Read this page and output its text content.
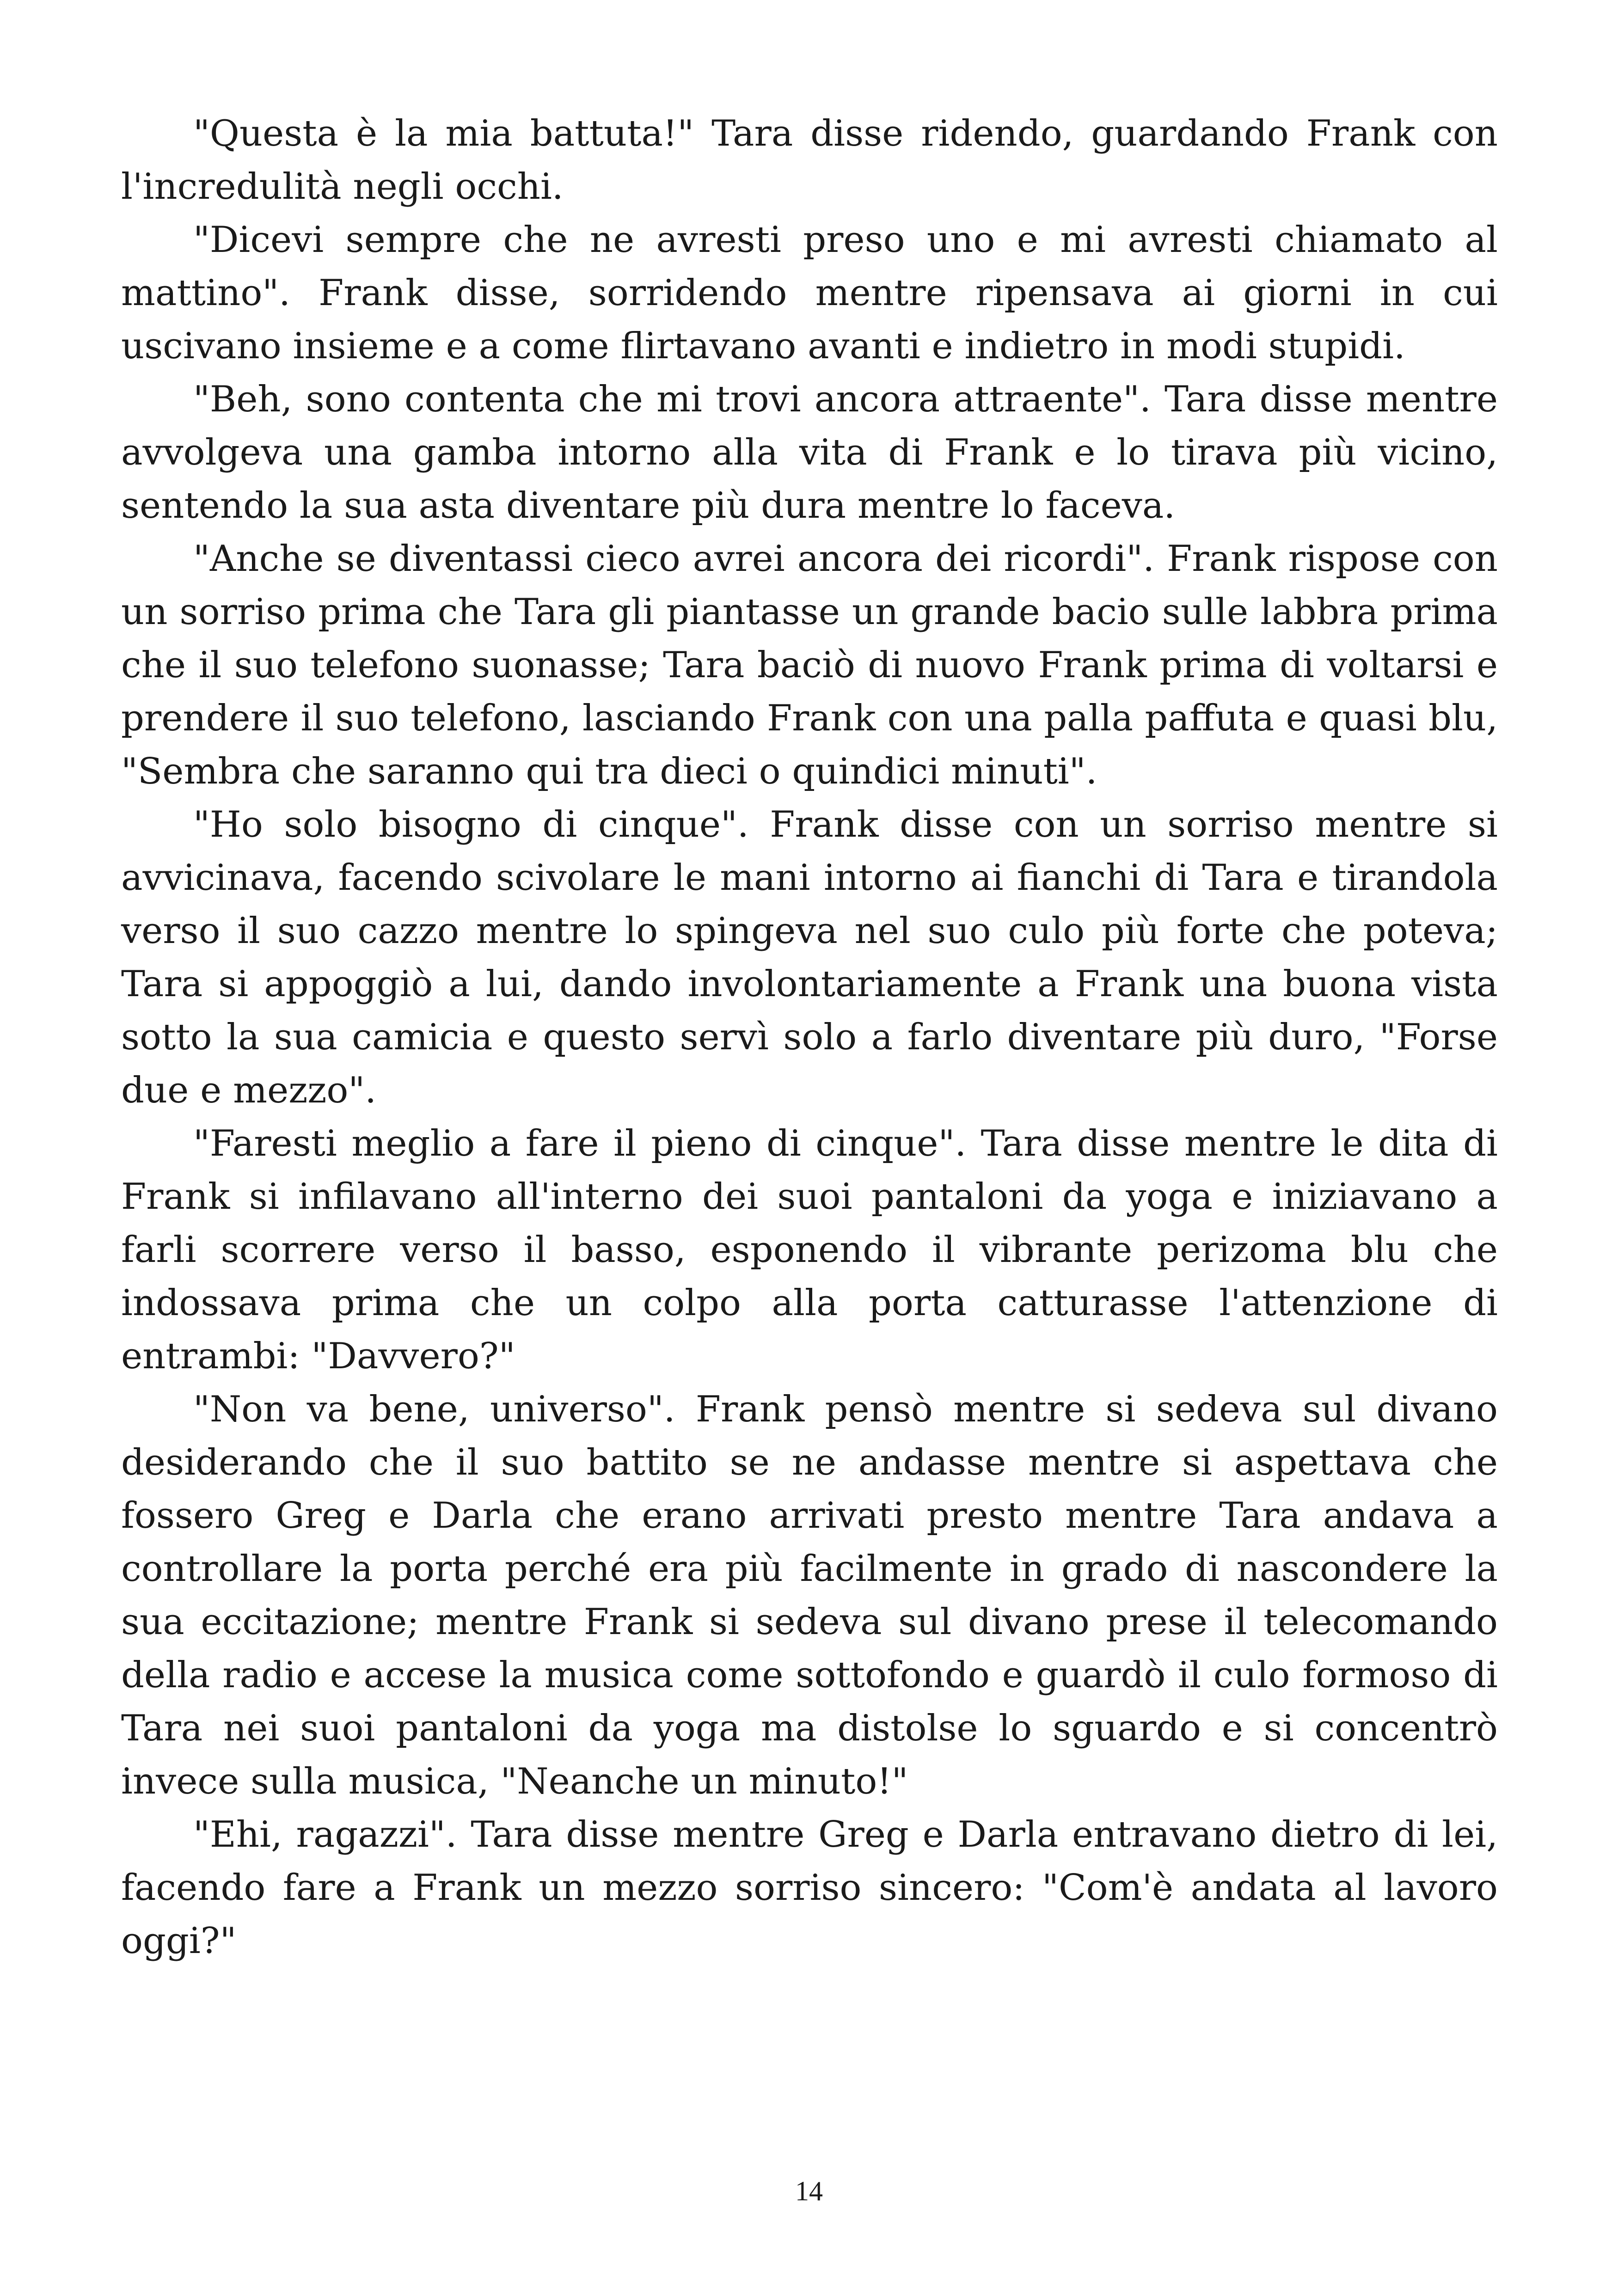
"Questa è la mia battuta!" Tara disse ridendo, guardando Frank con l'incredulità negli occhi.

"Dicevi sempre che ne avresti preso uno e mi avresti chiamato al mattino". Frank disse, sorridendo mentre ripensava ai giorni in cui uscivano insieme e a come flirtavano avanti e indietro in modi stupidi.

"Beh, sono contenta che mi trovi ancora attraente". Tara disse mentre avvolgeva una gamba intorno alla vita di Frank e lo tirava più vicino, sentendo la sua asta diventare più dura mentre lo faceva.

"Anche se diventassi cieco avrei ancora dei ricordi". Frank rispose con un sorriso prima che Tara gli piantasse un grande bacio sulle labbra prima che il suo telefono suonasse; Tara baciò di nuovo Frank prima di voltarsi e prendere il suo telefono, lasciando Frank con una palla paffuta e quasi blu, "Sembra che saranno qui tra dieci o quindici minuti".

"Ho solo bisogno di cinque". Frank disse con un sorriso mentre si avvicinava, facendo scivolare le mani intorno ai fianchi di Tara e tirandola verso il suo cazzo mentre lo spingeva nel suo culo più forte che poteva; Tara si appoggiò a lui, dando involontariamente a Frank una buona vista sotto la sua camicia e questo servì solo a farlo diventare più duro, "Forse due e mezzo".

"Faresti meglio a fare il pieno di cinque". Tara disse mentre le dita di Frank si infilavano all'interno dei suoi pantaloni da yoga e iniziavano a farli scorrere verso il basso, esponendo il vibrante perizoma blu che indossava prima che un colpo alla porta catturasse l'attenzione di entrambi: "Davvero?"

"Non va bene, universo". Frank pensò mentre si sedeva sul divano desiderando che il suo battito se ne andasse mentre si aspettava che fossero Greg e Darla che erano arrivati presto mentre Tara andava a controllare la porta perché era più facilmente in grado di nascondere la sua eccitazione; mentre Frank si sedeva sul divano prese il telecomando della radio e accese la musica come sottofondo e guardò il culo formoso di Tara nei suoi pantaloni da yoga ma distolse lo sguardo e si concentrò invece sulla musica, "Neanche un minuto!"

"Ehi, ragazzi". Tara disse mentre Greg e Darla entravano dietro di lei, facendo fare a Frank un mezzo sorriso sincero: "Com'è andata al lavoro oggi?"

14
